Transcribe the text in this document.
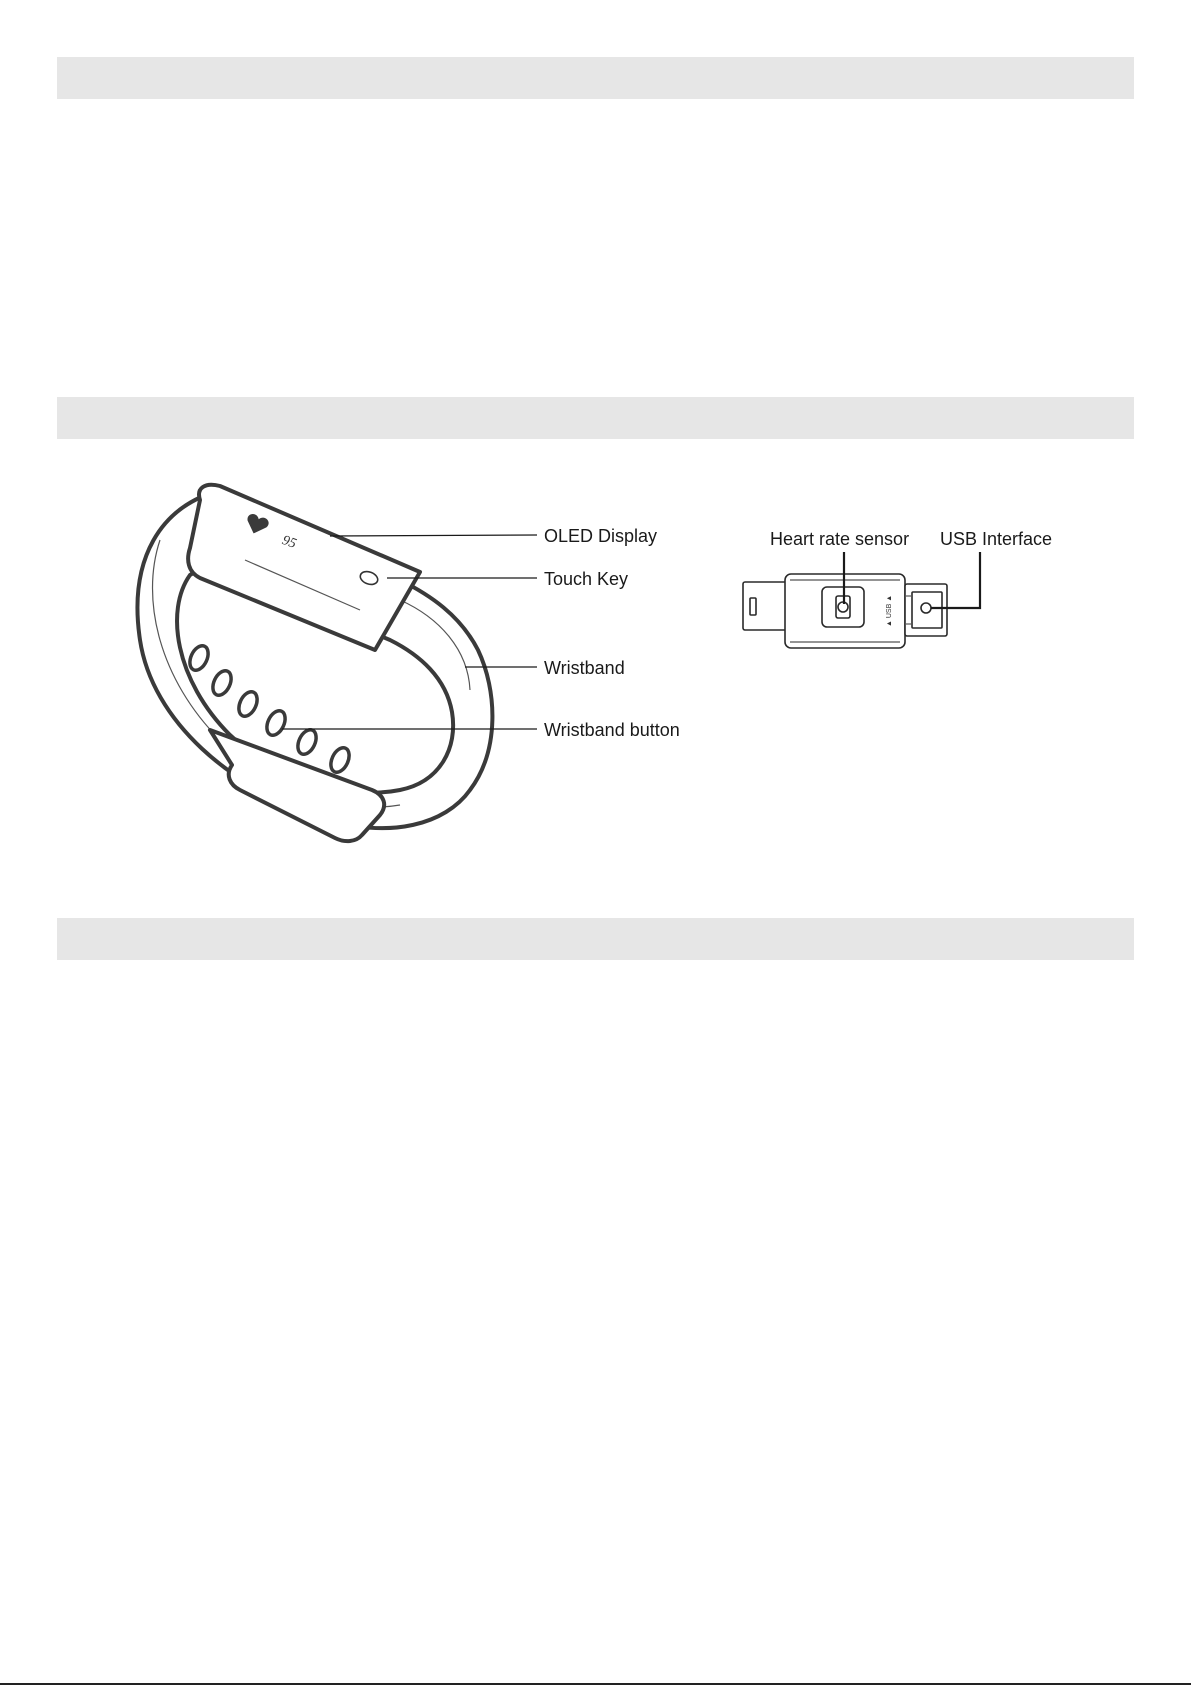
95	OLED Display
Touch Key
Wristband
Wristband button
▲ USB ▲
Heart rate sensor USB Interface
